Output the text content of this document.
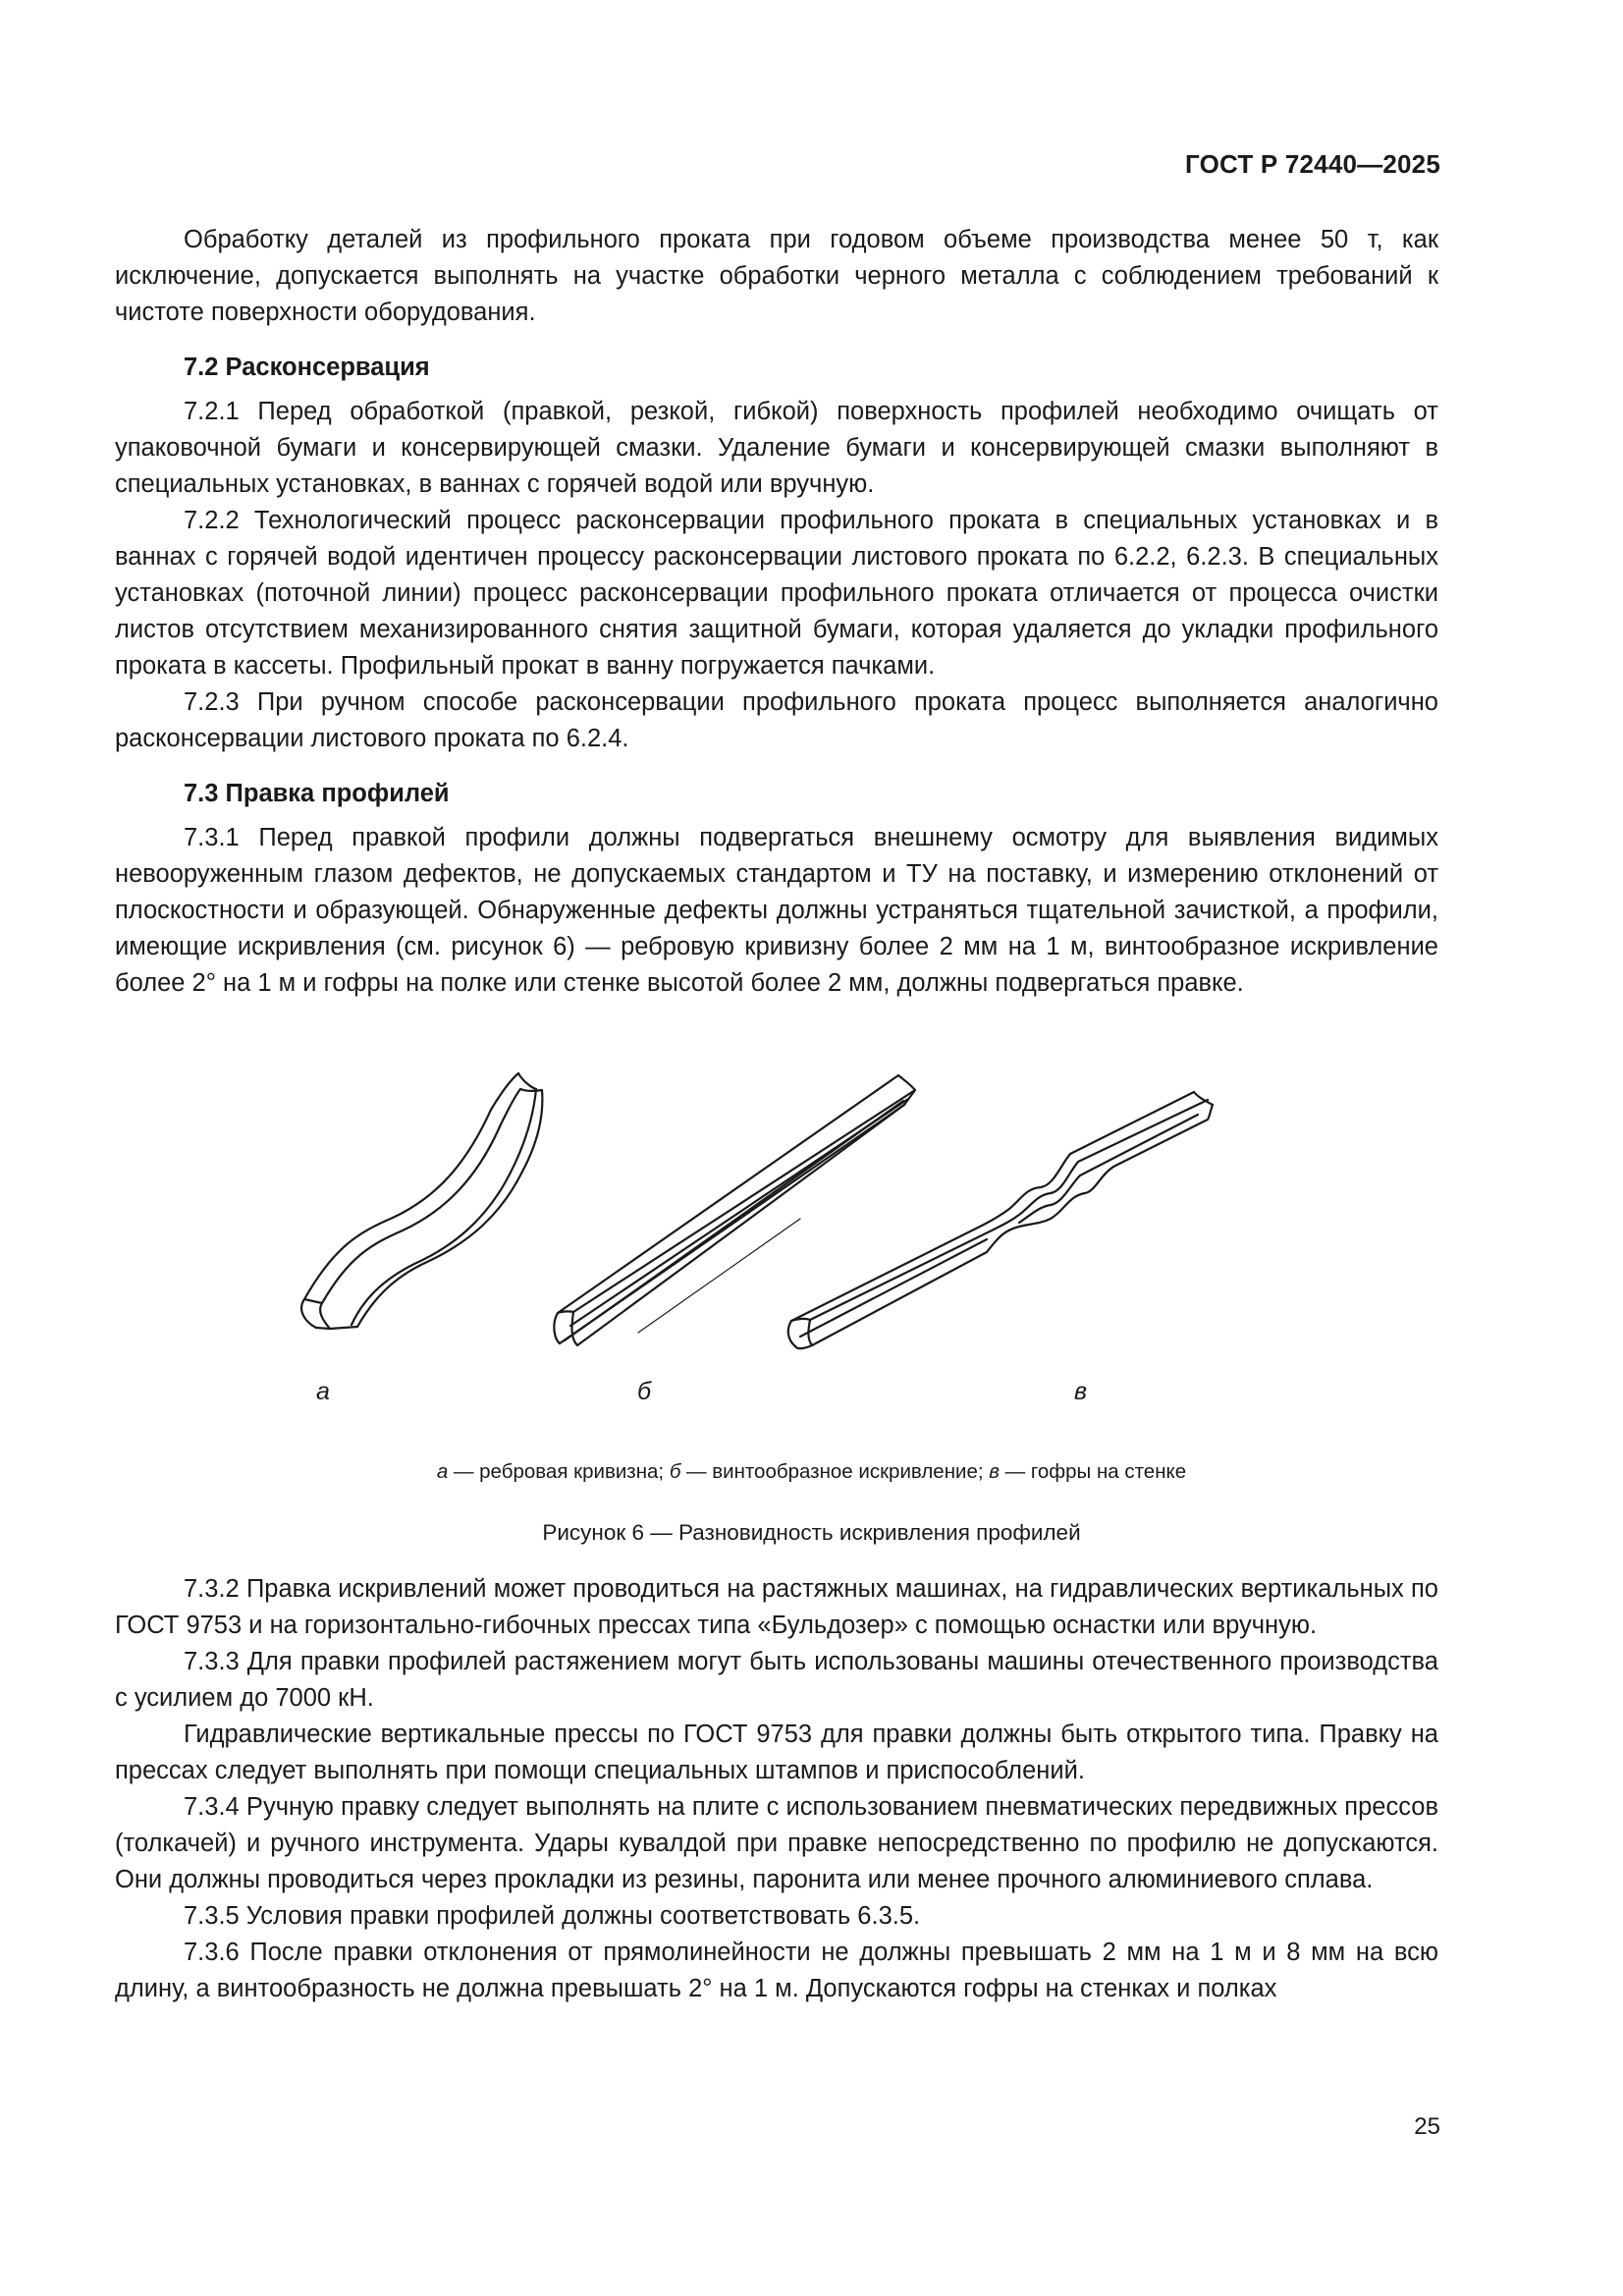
ГОСТ Р 72440—2025

Обработку деталей из профильного проката при годовом объеме производства менее 50 т, как исключение, допускается выполнять на участке обработки черного металла с соблюдением требований к чистоте поверхности оборудования.

7.2 Расконсервация

7.2.1 Перед обработкой (правкой, резкой, гибкой) поверхность профилей необходимо очищать от упаковочной бумаги и консервирующей смазки. Удаление бумаги и консервирующей смазки выполняют в специальных установках, в ваннах с горячей водой или вручную.

7.2.2 Технологический процесс расконсервации профильного проката в специальных установках и в ваннах с горячей водой идентичен процессу расконсервации листового проката по 6.2.2, 6.2.3. В специальных установках (поточной линии) процесс расконсервации профильного проката отличается от процесса очистки листов отсутствием механизированного снятия защитной бумаги, которая удаляется до укладки профильного проката в кассеты. Профильный прокат в ванну погружается пачками.

7.2.3 При ручном способе расконсервации профильного проката процесс выполняется аналогично расконсервации листового проката по 6.2.4.

7.3 Правка профилей

7.3.1 Перед правкой профили должны подвергаться внешнему осмотру для выявления видимых невооруженным глазом дефектов, не допускаемых стандартом и ТУ на поставку, и измерению отклонений от плоскостности и образующей. Обнаруженные дефекты должны устраняться тщательной зачисткой, а профили, имеющие искривления (см. рисунок 6) — ребровую кривизну более 2 мм на 1 м, винтообразное искривление более 2° на 1 м и гофры на полке или стенке высотой более 2 мм, должны подвергаться правке.

а	б	в
а — ребровая кривизна; б — винтообразное искривление; в — гофры на стенке
Рисунок 6 — Разновидность искривления профилей

7.3.2 Правка искривлений может проводиться на растяжных машинах, на гидравлических вертикальных по ГОСТ 9753 и на горизонтально-гибочных прессах типа «Бульдозер» с помощью оснастки или вручную.

7.3.3 Для правки профилей растяжением могут быть использованы машины отечественного производства с усилием до 7000 кН.

Гидравлические вертикальные прессы по ГОСТ 9753 для правки должны быть открытого типа. Правку на прессах следует выполнять при помощи специальных штампов и приспособлений.

7.3.4 Ручную правку следует выполнять на плите с использованием пневматических передвижных прессов (толкачей) и ручного инструмента. Удары кувалдой при правке непосредственно по профилю не допускаются. Они должны проводиться через прокладки из резины, паронита или менее прочного алюминиевого сплава.

7.3.5 Условия правки профилей должны соответствовать 6.3.5.

7.3.6 После правки отклонения от прямолинейности не должны превышать 2 мм на 1 м и 8 мм на всю длину, а винтообразность не должна превышать 2° на 1 м. Допускаются гофры на стенках и полках

25
